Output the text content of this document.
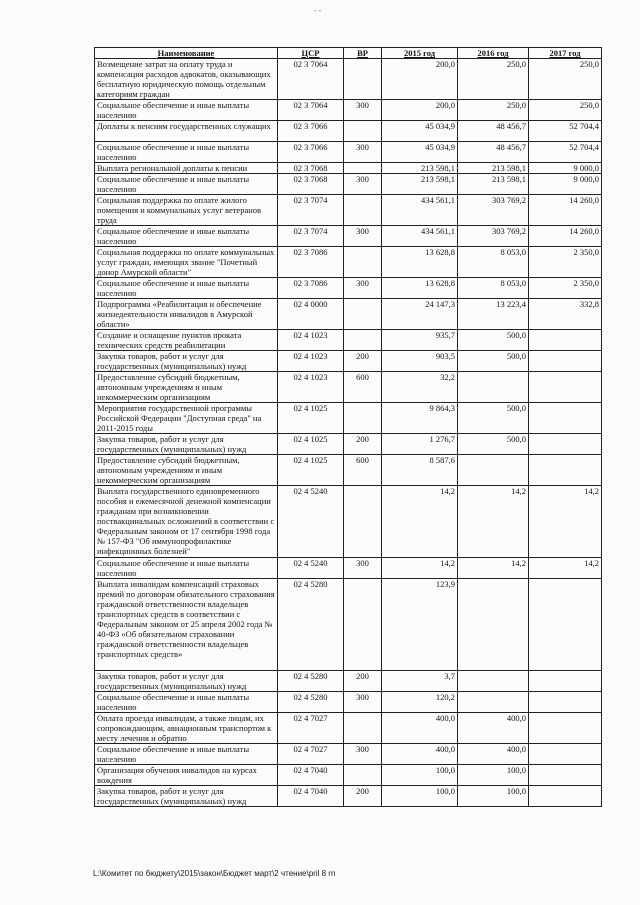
- -
Наименование	ЦСР	ВР	2015 год	2016 год	2017 год
Возмещение затрат на оплату труда и компенсация расходов адвокатов, оказывающих бесплатную юридическую помощь отдельным категориям граждан	02 3 7064		200,0	250,0	250,0
Социальное обеспечение и иные выплаты населению	02 3 7064	300	200,0	250,0	250,0
Доплаты к пенсиям государственных служащих	02 3 7066		45 034,9	48 456,7	52 704,4
Социальное обеспечение и иные выплаты населению	02 3 7066	300	45 034,9	48 456,7	52 704,4
Выплата региональной доплаты к пенсии	02 3 7068		213 598,1	213 598,1	9 000,0
Социальное обеспечение и иные выплаты населению	02 3 7068	300	213 598,1	213 598,1	9 000,0
Социальная поддержка по оплате жилого помещения и коммунальных услуг ветеранов труда	02 3 7074		434 561,1	303 769,2	14 260,0
Социальное обеспечение и иные выплаты населению	02 3 7074	300	434 561,1	303 769,2	14 260,0
Социальная поддержка по оплате коммунальных услуг граждан, имеющих звание "Почетный донор Амурской области"	02 3 7086		13 628,8	8 053,0	2 350,0
Социальное обеспечение и иные выплаты населению	02 3 7086	300	13 628,8	8 053,0	2 350,0
Подпрограмма «Реабилитация и обеспечение жизнедеятельности инвалидов в Амурской области»	02 4 0000		24 147,3	13 223,4	332,8
Создание и оснащение пунктов проката технических средств реабилитации	02 4 1023		935,7	500,0	
Закупка товаров, работ и услуг для государственных (муниципальных) нужд	02 4 1023	200	903,5	500,0	
Предоставление субсидий бюджетным, автономным учреждениям и иным некоммерческим организациям	02 4 1023	600	32,2		
Мероприятия государственной программы Российской Федерации "Доступная среда" на 2011-2015 годы	02 4 1025		9 864,3	500,0	
Закупка товаров, работ и услуг для государственных (муниципальных) нужд	02 4 1025	200	1 276,7	500,0	
Предоставление субсидий бюджетным, автономным учреждениям и иным некоммерческим организациям	02 4 1025	600	8 587,6		
Выплата государственного единовременного пособия и ежемесячной денежной компенсации гражданам при возникновении поствакцинальных осложнений в соответствии с Федеральным законом от 17 сентября 1998 года № 157-ФЗ "Об иммунопрофилактике инфекционных болезней"	02 4 5240		14,2	14,2	14,2
Социальное обеспечение и иные выплаты населению	02 4 5240	300	14,2	14,2	14,2
Выплата инвалидам компенсаций страховых премий по договорам обязательного страхования гражданской ответственности владельцев транспортных средств в соответствии с Федеральным законом от 25 апреля 2002 года № 40-ФЗ «Об обязательном страховании гражданской ответственности владельцев транспортных средств»	02 4 5280		123,9		
Закупка товаров, работ и услуг для государственных (муниципальных) нужд	02 4 5280	200	3,7		
Социальное обеспечение и иные выплаты населению	02 4 5280	300	120,2		
Оплата проезда инвалидам, а также лицам, их сопровождающим, авиационным транспортом к месту лечения и обратно	02 4 7027		400,0	400,0	
Социальное обеспечение и иные выплаты населению	02 4 7027	300	400,0	400,0	
Организация обучения инвалидов на курсах вождения	02 4 7040		100,0	100,0	
Закупка товаров, работ и услуг для государственных (муниципальных) нужд	02 4 7040	200	100,0	100,0	
L:\Комитет по бюджету\2015\закон\Бюджет март\2 чтение\pril 8 rn
